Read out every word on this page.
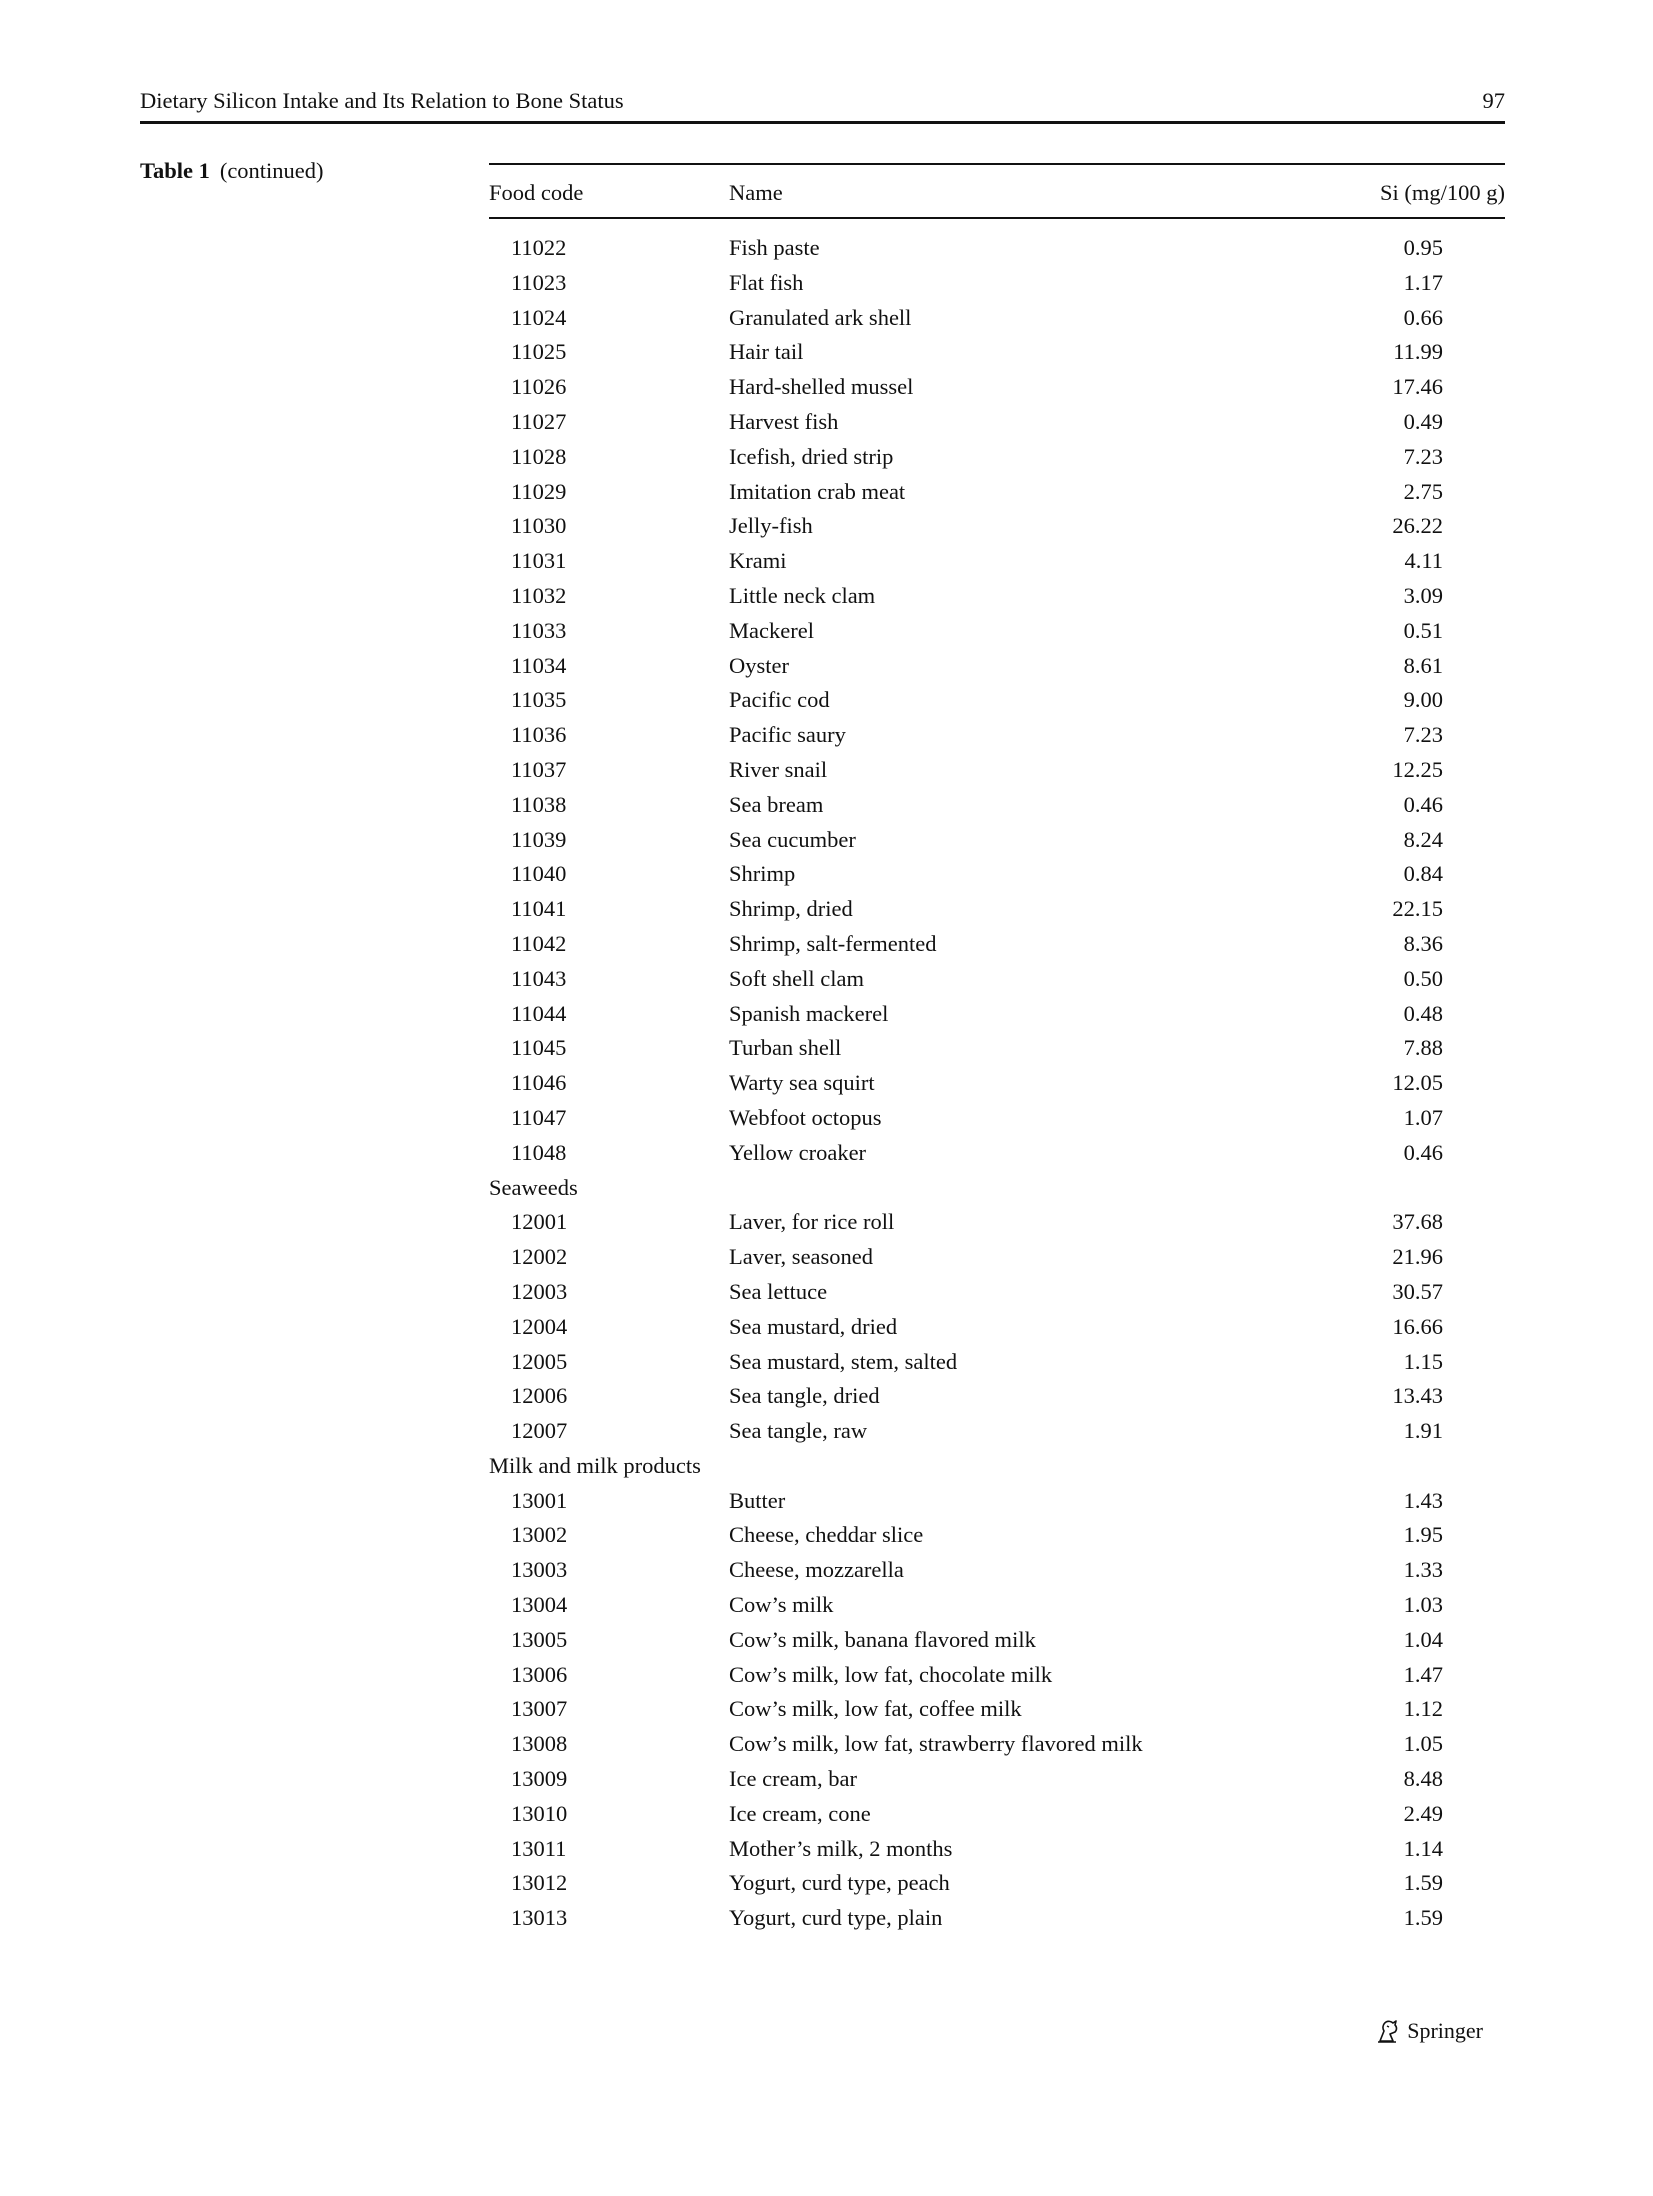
Dietary Silicon Intake and Its Relation to Bone Status	97
Table 1 (continued)
Food code	Name	Si (mg/100 g)
11022	Fish paste	0.95
11023	Flat fish	1.17
11024	Granulated ark shell	0.66
11025	Hair tail	11.99
11026	Hard-shelled mussel	17.46
11027	Harvest fish	0.49
11028	Icefish, dried strip	7.23
11029	Imitation crab meat	2.75
11030	Jelly-fish	26.22
11031	Krami	4.11
11032	Little neck clam	3.09
11033	Mackerel	0.51
11034	Oyster	8.61
11035	Pacific cod	9.00
11036	Pacific saury	7.23
11037	River snail	12.25
11038	Sea bream	0.46
11039	Sea cucumber	8.24
11040	Shrimp	0.84
11041	Shrimp, dried	22.15
11042	Shrimp, salt-fermented	8.36
11043	Soft shell clam	0.50
11044	Spanish mackerel	0.48
11045	Turban shell	7.88
11046	Warty sea squirt	12.05
11047	Webfoot octopus	1.07
11048	Yellow croaker	0.46
Seaweeds
12001	Laver, for rice roll	37.68
12002	Laver, seasoned	21.96
12003	Sea lettuce	30.57
12004	Sea mustard, dried	16.66
12005	Sea mustard, stem, salted	1.15
12006	Sea tangle, dried	13.43
12007	Sea tangle, raw	1.91
Milk and milk products
13001	Butter	1.43
13002	Cheese, cheddar slice	1.95
13003	Cheese, mozzarella	1.33
13004	Cow’s milk	1.03
13005	Cow’s milk, banana flavored milk	1.04
13006	Cow’s milk, low fat, chocolate milk	1.47
13007	Cow’s milk, low fat, coffee milk	1.12
13008	Cow’s milk, low fat, strawberry flavored milk	1.05
13009	Ice cream, bar	8.48
13010	Ice cream, cone	2.49
13011	Mother’s milk, 2 months	1.14
13012	Yogurt, curd type, peach	1.59
13013	Yogurt, curd type, plain	1.59
Springer
